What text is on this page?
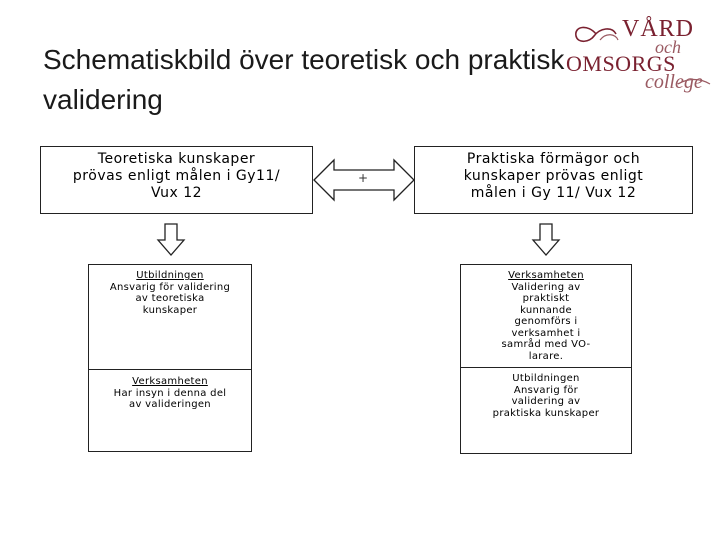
Schematiskbild över teoretisk och praktisk validering
VÅRD
och
OMSORGS
college
Teoretiska kunskaper
prövas enligt målen i Gy11/
Vux 12
Praktiska förmägor och
kunskaper prövas enligt
målen i Gy 11/ Vux 12
+
Utbildningen
Ansvarig för validering
av teoretiska
kunskaper
Verksamheten
Har insyn i denna del
av valideringen
Verksamheten
Validering av
praktiskt
kunnande
genomförs i
verksamhet i
samråd med VO-
larare.
Utbildningen
Ansvarig för
validering av
praktiska kunskaper
